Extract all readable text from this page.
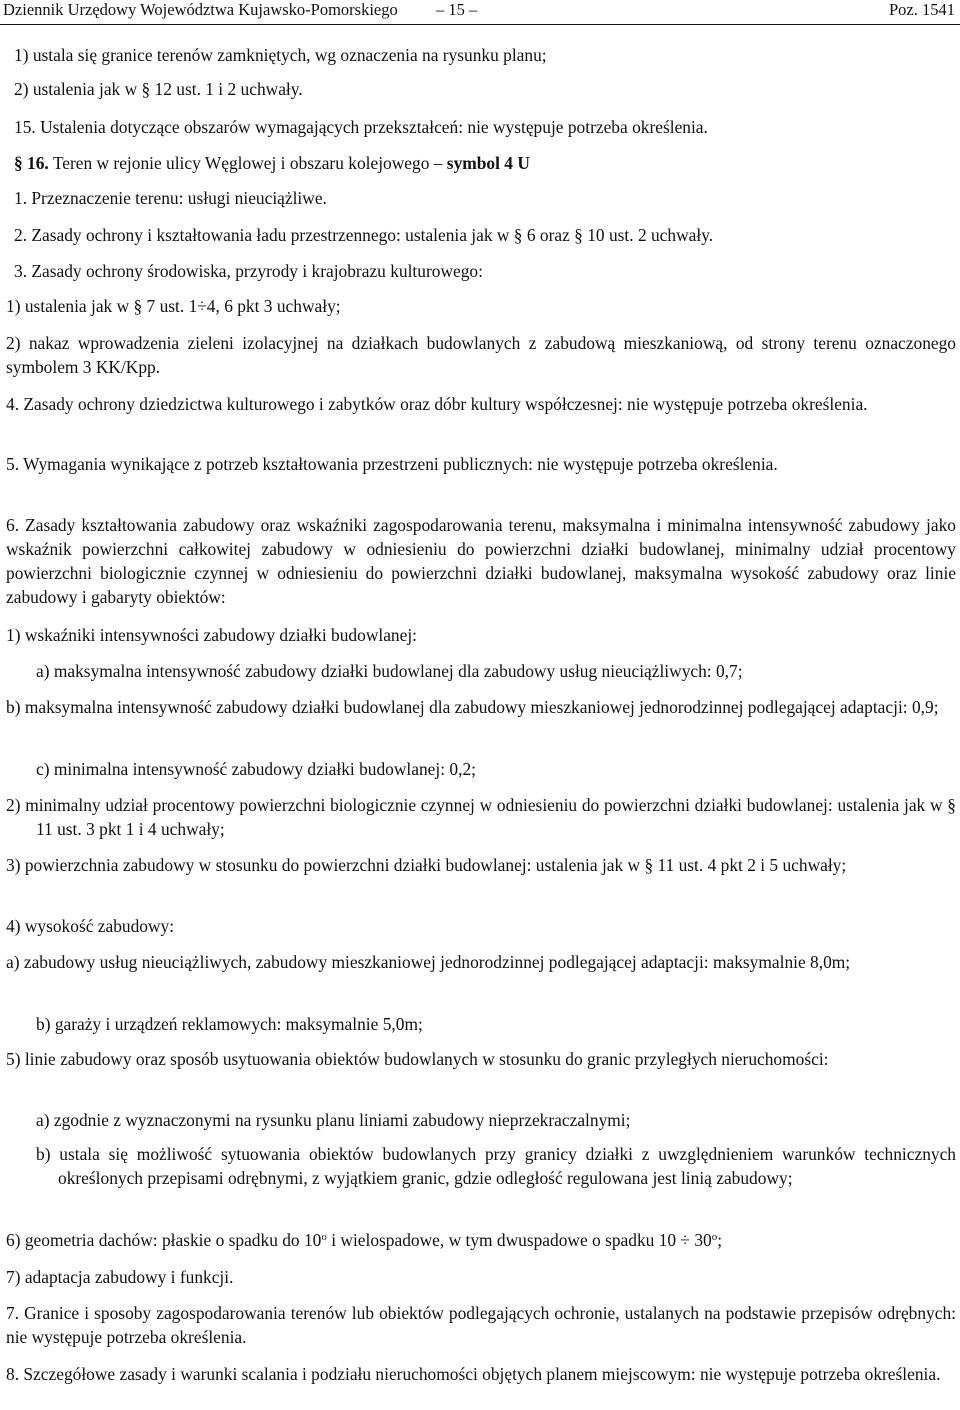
Dziennik Urzędowy Województwa Kujawsko-Pomorskiego – 15 –	Poz. 1541
1) ustala się granice terenów zamkniętych, wg oznaczenia na rysunku planu;
2) ustalenia jak w § 12 ust. 1 i 2 uchwały.
15. Ustalenia dotyczące obszarów wymagających przekształceń: nie występuje potrzeba określenia.
§ 16. Teren w rejonie ulicy Węglowej i obszaru kolejowego – symbol 4 U
1. Przeznaczenie terenu: usługi nieuciążliwe.
2. Zasady ochrony i kształtowania ładu przestrzennego: ustalenia jak w § 6 oraz § 10 ust. 2 uchwały.
3. Zasady ochrony środowiska, przyrody i krajobrazu kulturowego:
1) ustalenia jak w § 7 ust. 1÷4, 6 pkt 3 uchwały;
2) nakaz wprowadzenia zieleni izolacyjnej na działkach budowlanych z zabudową mieszkaniową, od strony terenu oznaczonego symbolem 3 KK/Kpp.
4. Zasady ochrony dziedzictwa kulturowego i zabytków oraz dóbr kultury współczesnej: nie występuje potrzeba określenia.
5. Wymagania wynikające z potrzeb kształtowania przestrzeni publicznych: nie występuje potrzeba określenia.
6. Zasady kształtowania zabudowy oraz wskaźniki zagospodarowania terenu, maksymalna i minimalna intensywność zabudowy jako wskaźnik powierzchni całkowitej zabudowy w odniesieniu do powierzchni działki budowlanej, minimalny udział procentowy powierzchni biologicznie czynnej w odniesieniu do powierzchni działki budowlanej, maksymalna wysokość zabudowy oraz linie zabudowy i gabaryty obiektów:
1) wskaźniki intensywności zabudowy działki budowlanej:
a) maksymalna intensywność zabudowy działki budowlanej dla zabudowy usług nieuciążliwych: 0,7;
b) maksymalna intensywność zabudowy działki budowlanej dla zabudowy mieszkaniowej jednorodzinnej podlegającej adaptacji: 0,9;
c) minimalna intensywność zabudowy działki budowlanej: 0,2;
2) minimalny udział procentowy powierzchni biologicznie czynnej w odniesieniu do powierzchni działki budowlanej: ustalenia jak w § 11 ust. 3 pkt 1 i 4 uchwały;
3) powierzchnia zabudowy w stosunku do powierzchni działki budowlanej: ustalenia jak w § 11 ust. 4 pkt 2 i 5 uchwały;
4) wysokość zabudowy:
a) zabudowy usług nieuciążliwych, zabudowy mieszkaniowej jednorodzinnej podlegającej adaptacji: maksymalnie 8,0m;
b) garaży i urządzeń reklamowych: maksymalnie 5,0m;
5) linie zabudowy oraz sposób usytuowania obiektów budowlanych w stosunku do granic przyległych nieruchomości:
a) zgodnie z wyznaczonymi na rysunku planu liniami zabudowy nieprzekraczalnymi;
b) ustala się możliwość sytuowania obiektów budowlanych przy granicy działki z uwzględnieniem warunków technicznych określonych przepisami odrębnymi, z wyjątkiem granic, gdzie odległość regulowana jest linią zabudowy;
6) geometria dachów: płaskie o spadku do 10$^o$ i wielospadowe, w tym dwuspadowe o spadku $10 \div 30^o$;
7) adaptacja zabudowy i funkcji.
7. Granice i sposoby zagospodarowania terenów lub obiektów podlegających ochronie, ustalanych na podstawie przepisów odrębnych: nie występuje potrzeba określenia.
8. Szczegółowe zasady i warunki scalania i podziału nieruchomości objętych planem miejscowym: nie występuje potrzeba określenia.
